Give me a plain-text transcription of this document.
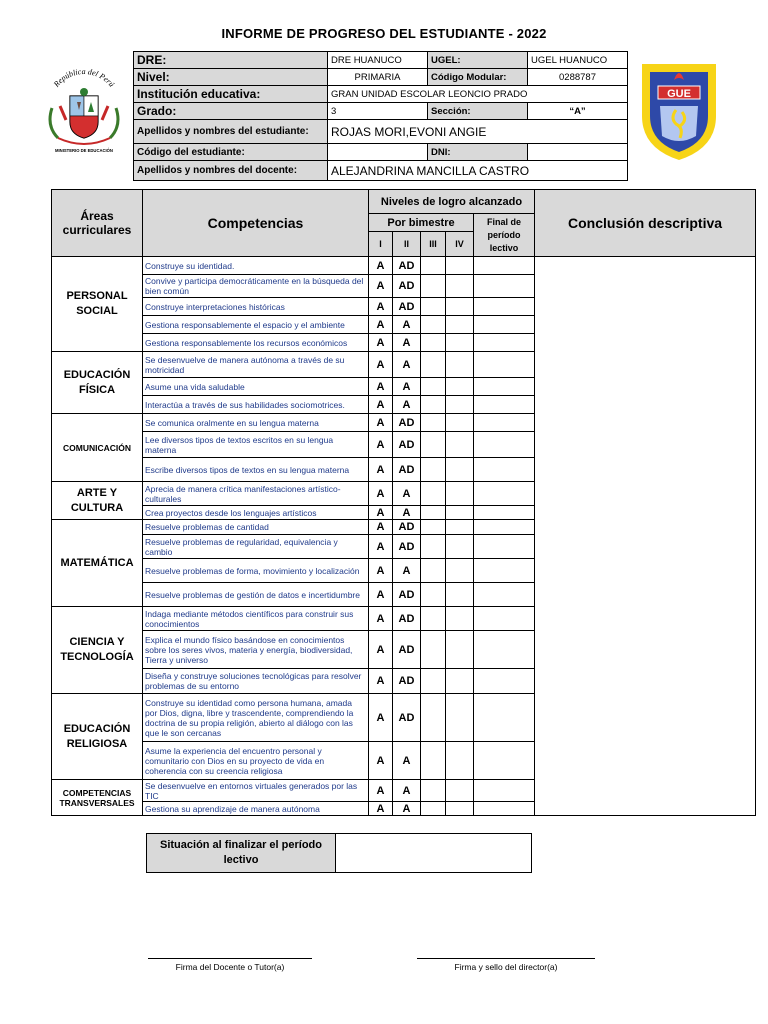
INFORME DE PROGRESO DEL ESTUDIANTE - 2022
República del Perú
MINISTERIO DE EDUCACIÓN
GUE
DRE:	DRE HUANUCO	UGEL:	UGEL HUANUCO
Nivel:	PRIMARIA	Código Modular:	0288787
Institución educativa:	GRAN UNIDAD ESCOLAR LEONCIO PRADO		
Grado:	3	Sección:	“A”
Apellidos y nombres del estudiante:	ROJAS MORI,EVONI ANGIE		
Código del estudiante:		DNI:	
Apellidos y nombres del docente:	ALEJANDRINA MANCILLA CASTRO		
Áreas curriculares	Competencias	Niveles de logro alcanzado					Conclusión descriptiva
		Por bimestre				Final de período lectivo	
		I	II	III	IV		
PERSONAL SOCIAL	Construye su identidad.	A	AD				
	Convive y participa democráticamente en la búsqueda del bien común	A	AD				
	Construye interpretaciones históricas	A	AD				
	Gestiona responsablemente el espacio y el ambiente	A	A				
	Gestiona responsablemente los recursos económicos	A	A				
EDUCACIÓN FÍSICA	Se desenvuelve de manera autónoma a través de su motricidad	A	A				
	Asume una vida saludable	A	A				
	Interactúa a través de sus habilidades sociomotrices.	A	A				
COMUNICACIÓN	Se comunica oralmente en su lengua materna	A	AD				
	Lee diversos tipos de textos escritos en su lengua materna	A	AD				
	Escribe diversos tipos de textos en su lengua materna	A	AD				
ARTE Y CULTURA	Aprecia de manera crítica manifestaciones artístico-culturales	A	A				
	Crea proyectos desde los lenguajes artísticos	A	A				
MATEMÁTICA	Resuelve problemas de cantidad	A	AD				
	Resuelve problemas de regularidad, equivalencia y cambio	A	AD				
	Resuelve problemas de forma, movimiento y localización	A	A				
	Resuelve problemas de gestión de datos e incertidumbre	A	AD				
CIENCIA Y TECNOLOGÍA	Indaga mediante métodos científicos para construir sus conocimientos	A	AD				
	Explica el mundo físico basándose en conocimientos sobre los seres vivos, materia y energía, biodiversidad, Tierra y universo	A	AD				
	Diseña y construye soluciones tecnológicas para resolver problemas de su entorno	A	AD				
EDUCACIÓN RELIGIOSA	Construye su identidad como persona humana, amada por Dios, digna, libre y trascendente, comprendiendo la doctrina de su propia religión, abierto al diálogo con las que le son cercanas	A	AD				
	Asume la experiencia del encuentro personal y comunitario con Dios en su proyecto de vida en coherencia con su creencia religiosa	A	A				
COMPETENCIAS TRANSVERSALES	Se desenvuelve en entornos virtuales generados por las TIC	A	A				
	Gestiona su aprendizaje de manera autónoma	A	A				
Situación al finalizar el período lectivo	
Firma del Docente o Tutor(a)	Firma y sello del director(a)
